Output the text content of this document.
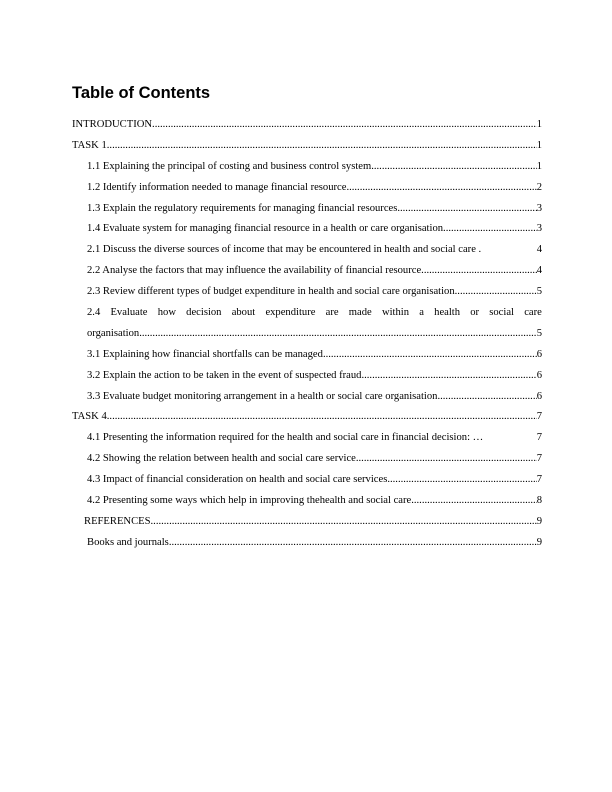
Table of Contents
INTRODUCTION .....	1
TASK 1 .....	1
1.1 Explaining the principal of costing and business control system .....	1
1.2 Identify information needed to manage financial resource .....	2
1.3 Explain the regulatory requirements for managing financial resources .....	3
1.4 Evaluate system for managing financial resource in a health or care organisation .....	3
2.1 Discuss the diverse sources of income that may be encountered in health and social care .	4
2.2 Analyse the factors that may influence the availability of financial resource .....	4
2.3 Review different types of budget expenditure in health and social care organisation .....	5
2.4 Evaluate how decision about expenditure are made within a health or social care
organisation .....	5
3.1 Explaining how financial shortfalls can be managed .....	6
3.2 Explain the action to be taken in the event of suspected fraud .....	6
3.3 Evaluate budget monitoring arrangement in a health or social care organisation .....	6
TASK 4 .....	7
4.1 Presenting the information required for the health and social care in financial decision: …	7
4.2 Showing the relation between health and social care service .....	7
4.3 Impact of financial consideration on health and social care services .....	7
4.2 Presenting some ways which help in improving thehealth and social care .....	8
REFERENCES .....	9
Books and journals .....	9
